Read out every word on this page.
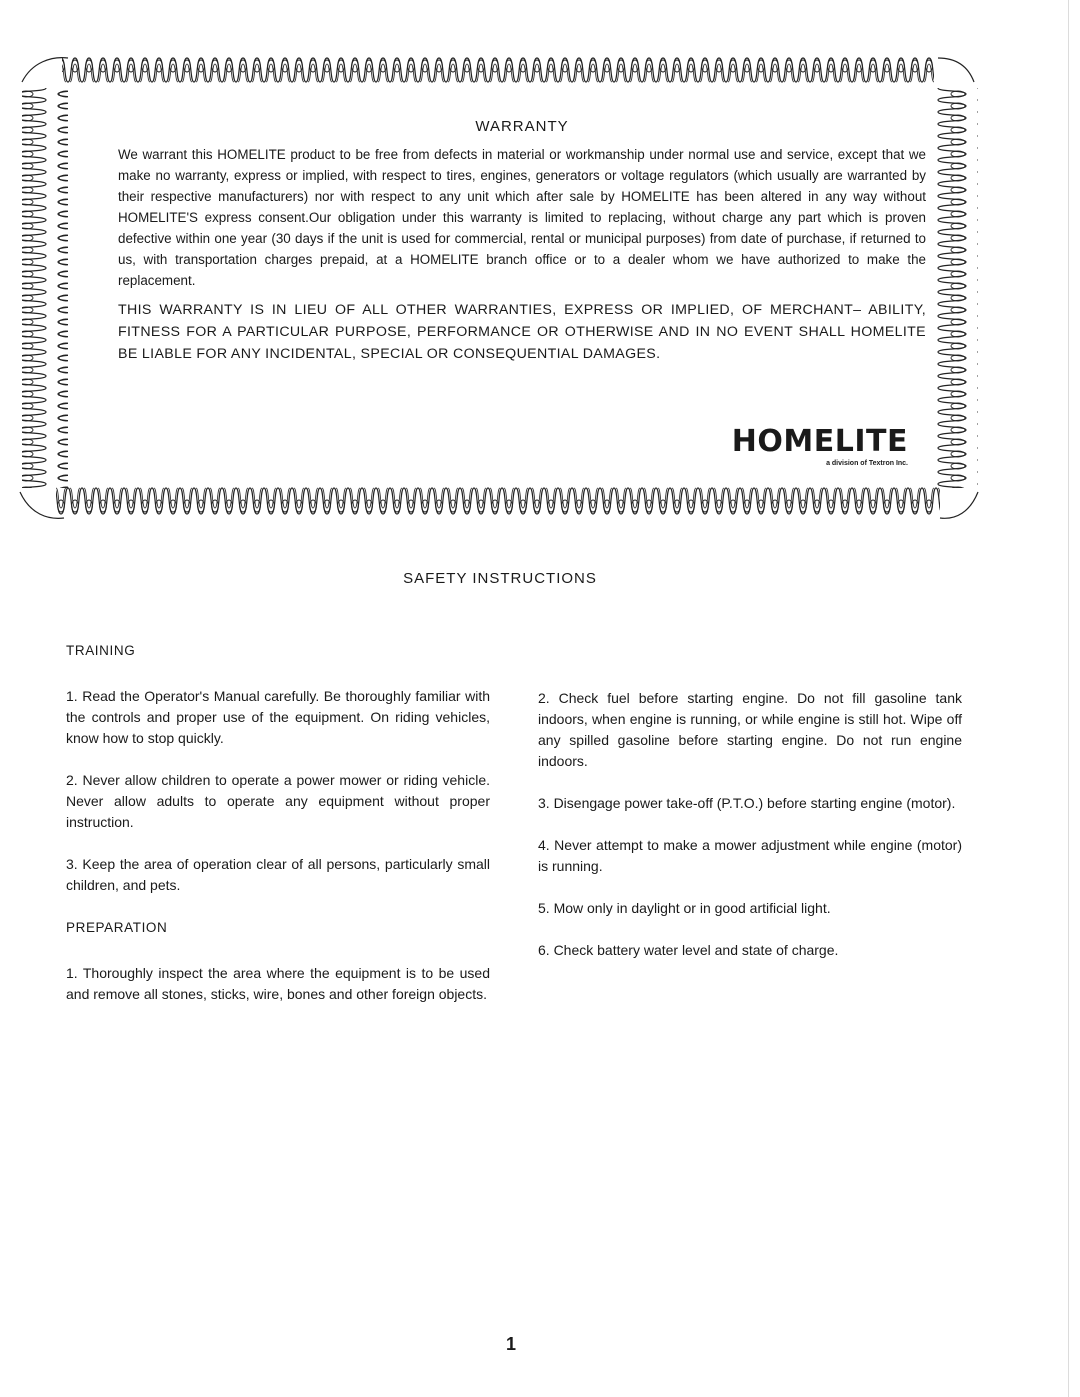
WARRANTY

We warrant this HOMELITE product to be free from defects in material or workmanship under normal use and service, except that we make no warranty, express or implied, with respect to tires, engines, generators or voltage regulators (which usually are warranted by their respective manufacturers) nor with respect to any unit which after sale by HOMELITE has been altered in any way without HOMELITE'S express consent.Our obligation under this warranty is limited to replacing, without charge any part which is proven defective within one year (30 days if the unit is used for commercial, rental or municipal purposes) from date of purchase, if returned to us, with transportation charges prepaid, at a HOMELITE branch office or to a dealer whom we have authorized to make the replacement.

THIS WARRANTY IS IN LIEU OF ALL OTHER WARRANTIES, EXPRESS OR IMPLIED, OF MERCHANT– ABILITY, FITNESS FOR A PARTICULAR PURPOSE, PERFORMANCE OR OTHERWISE AND IN NO EVENT SHALL HOMELITE BE LIABLE FOR ANY INCIDENTAL, SPECIAL OR CONSEQUENTIAL DAMAGES.

HOMELITE
a division of Textron Inc.
SAFETY INSTRUCTIONS
TRAINING

1. Read the Operator's Manual carefully. Be thoroughly familiar with the controls and proper use of the equipment. On riding vehicles, know how to stop quickly.

2. Never allow children to operate a power mower or riding vehicle. Never allow adults to operate any equipment without proper instruction.

3. Keep the area of operation clear of all persons, particularly small children, and pets.

PREPARATION

1. Thoroughly inspect the area where the equipment is to be used and remove all stones, sticks, wire, bones and other foreign objects.

2. Check fuel before starting engine. Do not fill gasoline tank indoors, when engine is running, or while engine is still hot. Wipe off any spilled gasoline before starting engine. Do not run engine indoors.

3. Disengage power take-off (P.T.O.) before starting engine (motor).

4. Never attempt to make a mower adjustment while engine (motor) is running.

5. Mow only in daylight or in good artificial light.

6. Check battery water level and state of charge.

1
